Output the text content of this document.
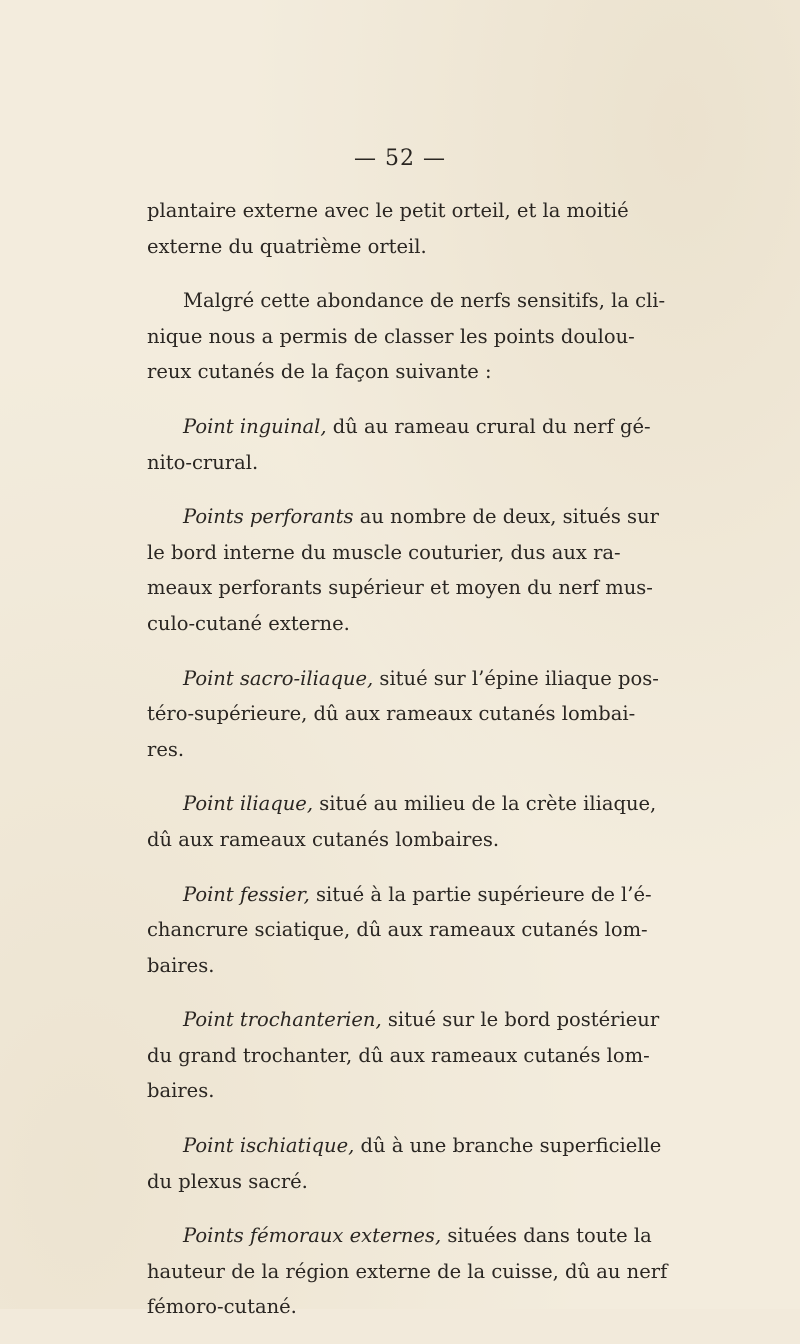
— 52 —

plantaire externe avec le petit orteil, et la moitié
externe du quatrième orteil.

Malgré cette abondance de nerfs sensitifs, la cli-
nique nous a permis de classer les points doulou-
reux cutanés de la façon suivante :

Point inguinal, dû au rameau crural du nerf gé-
nito-crural.

Points perforants au nombre de deux, situés sur
le bord interne du muscle couturier, dus aux ra-
meaux perforants supérieur et moyen du nerf mus-
culo-cutané externe.

Point sacro-iliaque, situé sur l’épine iliaque pos-
téro-supérieure, dû aux rameaux cutanés lombai-
res.

Point iliaque, situé au milieu de la crète iliaque,
dû aux rameaux cutanés lombaires.

Point fessier, situé à la partie supérieure de l’é-
chancrure sciatique, dû aux rameaux cutanés lom-
baires.

Point trochanterien, situé sur le bord postérieur
du grand trochanter, dû aux rameaux cutanés lom-
baires.

Point ischiatique, dû à une branche superficielle
du plexus sacré.

Points fémoraux externes, situées dans toute la
hauteur de la région externe de la cuisse, dû au nerf
fémoro-cutané.
